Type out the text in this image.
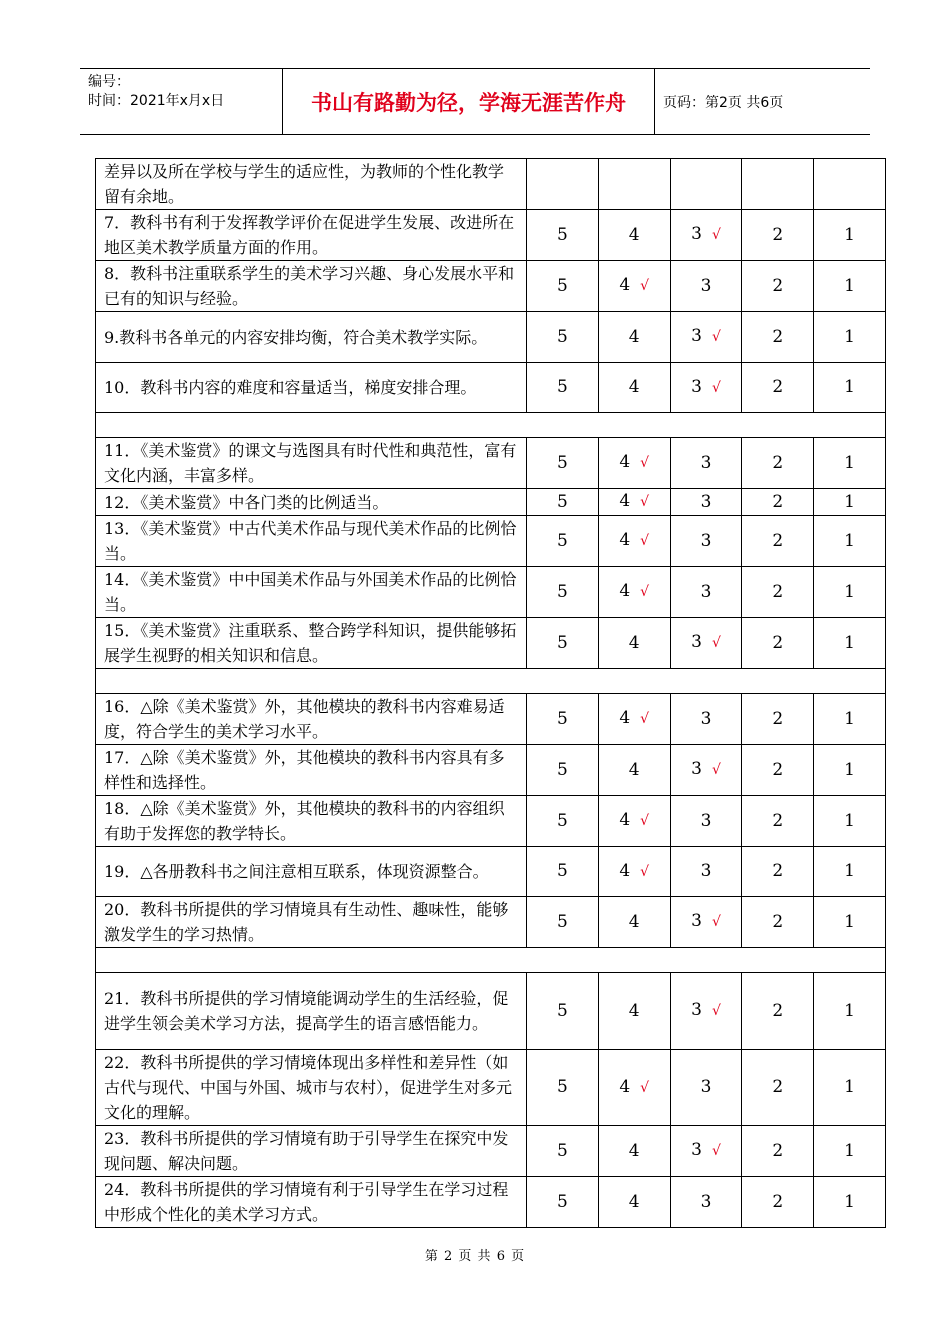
编号：
时间：2021年x月x日	书山有路勤为径，学海无涯苦作舟	页码：第2页 共6页
差异以及所在学校与学生的适应性，为教师的个性化教学留有余地。					
7．教科书有利于发挥教学评价在促进学生发展、改进所在地区美术教学质量方面的作用。	5	4	3 √	2	1
8．教科书注重联系学生的美术学习兴趣、身心发展水平和已有的知识与经验。	5	4 √	3	2	1
9.教科书各单元的内容安排均衡，符合美术教学实际。	5	4	3 √	2	1
10．教科书内容的难度和容量适当，梯度安排合理。	5	4	3 √	2	1

11．《美术鉴赏》的课文与选图具有时代性和典范性，富有文化内涵，丰富多样。	5	4 √	3	2	1
12．《美术鉴赏》中各门类的比例适当。	5	4 √	3	2	1
13．《美术鉴赏》中古代美术作品与现代美术作品的比例恰当。	5	4 √	3	2	1
14．《美术鉴赏》中中国美术作品与外国美术作品的比例恰当。	5	4 √	3	2	1
15．《美术鉴赏》注重联系、整合跨学科知识，提供能够拓展学生视野的相关知识和信息。	5	4	3 √	2	1

16．△除《美术鉴赏》外，其他模块的教科书内容难易适度，符合学生的美术学习水平。	5	4 √	3	2	1
17．△除《美术鉴赏》外，其他模块的教科书内容具有多样性和选择性。	5	4	3 √	2	1
18．△除《美术鉴赏》外，其他模块的教科书的内容组织有助于发挥您的教学特长。	5	4 √	3	2	1
19．△各册教科书之间注意相互联系，体现资源整合。	5	4 √	3	2	1
20．教科书所提供的学习情境具有生动性、趣味性，能够激发学生的学习热情。	5	4	3 √	2	1

21．教科书所提供的学习情境能调动学生的生活经验，促进学生领会美术学习方法，提高学生的语言感悟能力。	5	4	3 √	2	1
22．教科书所提供的学习情境体现出多样性和差异性（如古代与现代、中国与外国、城市与农村），促进学生对多元文化的理解。	5	4 √	3	2	1
23．教科书所提供的学习情境有助于引导学生在探究中发现问题、解决问题。	5	4	3 √	2	1
24．教科书所提供的学习情境有利于引导学生在学习过程中形成个性化的美术学习方式。	5	4	3	2	1
第 2 页 共 6 页
